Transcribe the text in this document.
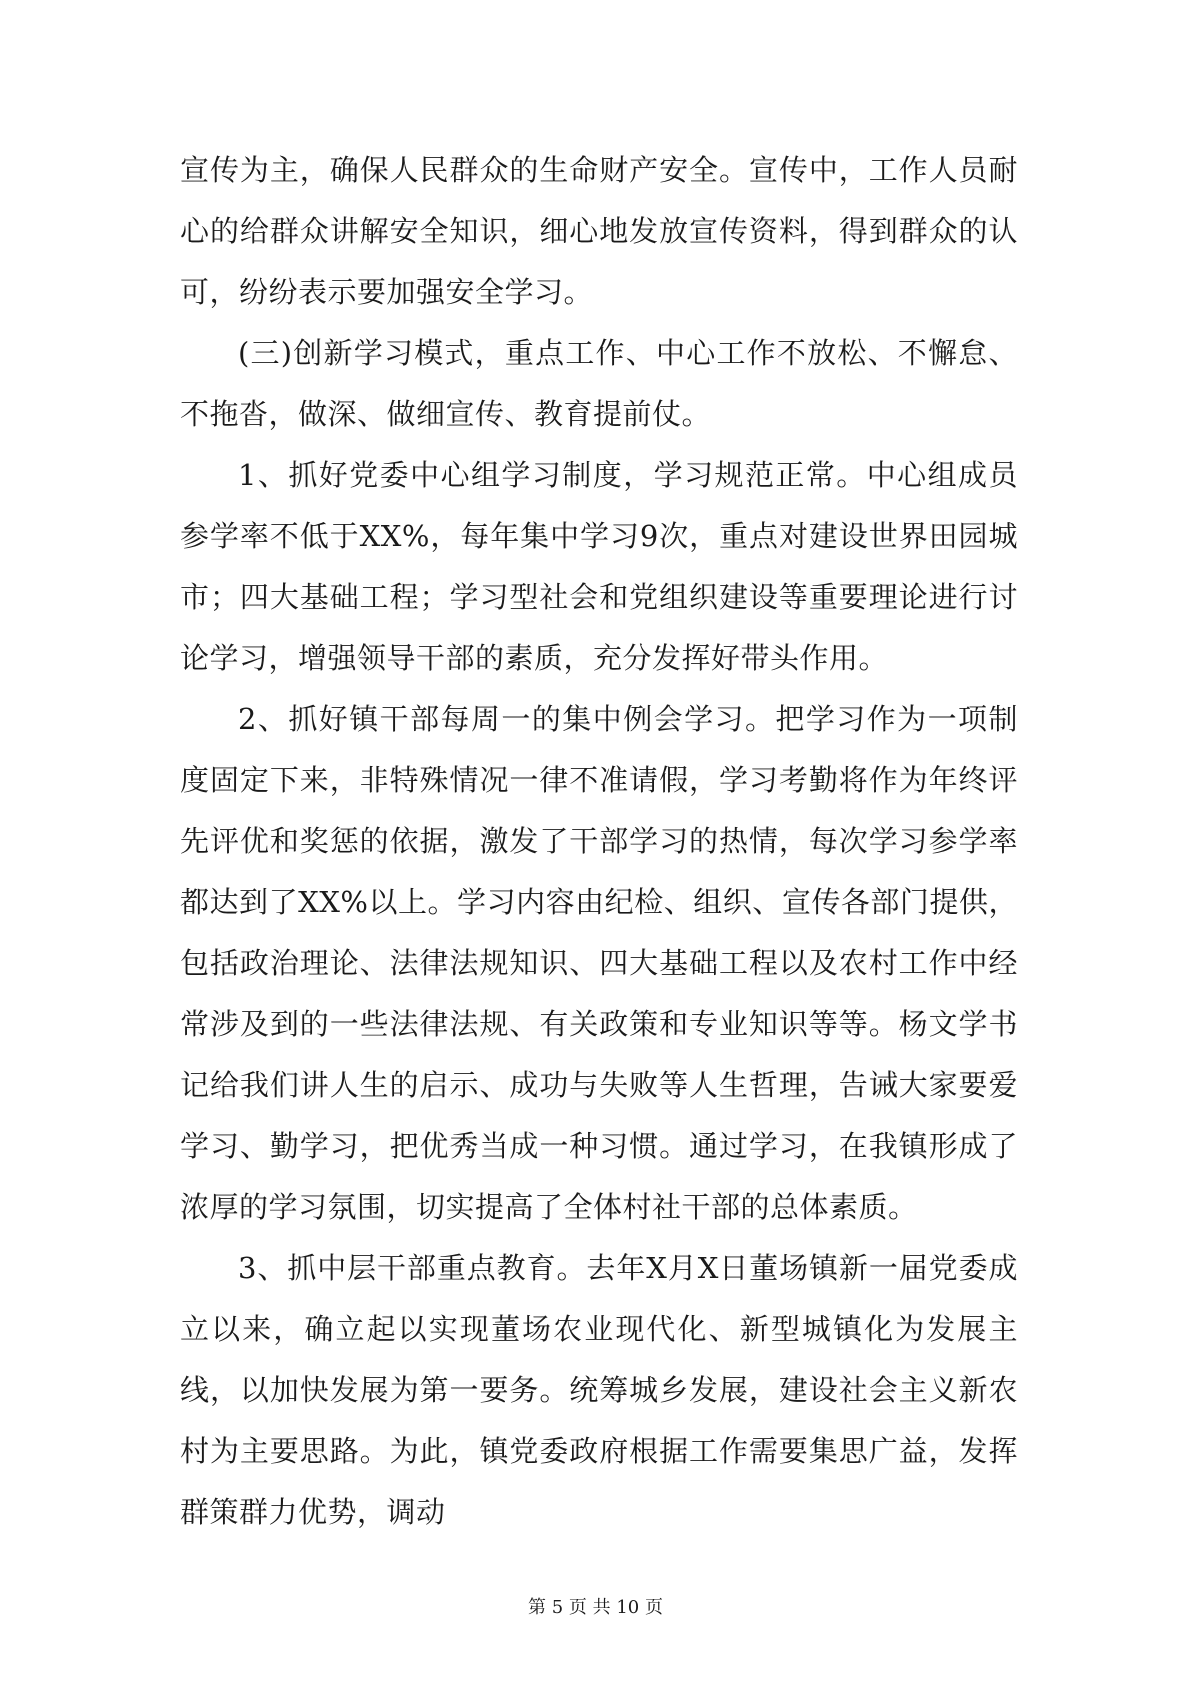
宣传为主，确保人民群众的生命财产安全。宣传中，工作人员耐心的给群众讲解安全知识，细心地发放宣传资料，得到群众的认可，纷纷表示要加强安全学习。

(三)创新学习模式，重点工作、中心工作不放松、不懈怠、不拖沓，做深、做细宣传、教育提前仗。

1、抓好党委中心组学习制度，学习规范正常。中心组成员参学率不低于XX%，每年集中学习9次，重点对建设世界田园城市；四大基础工程；学习型社会和党组织建设等重要理论进行讨论学习，增强领导干部的素质，充分发挥好带头作用。

2、抓好镇干部每周一的集中例会学习。把学习作为一项制度固定下来，非特殊情况一律不准请假，学习考勤将作为年终评先评优和奖惩的依据，激发了干部学习的热情，每次学习参学率都达到了XX%以上。学习内容由纪检、组织、宣传各部门提供，包括政治理论、法律法规知识、四大基础工程以及农村工作中经常涉及到的一些法律法规、有关政策和专业知识等等。杨文学书记给我们讲人生的启示、成功与失败等人生哲理，告诫大家要爱学习、勤学习，把优秀当成一种习惯。通过学习，在我镇形成了浓厚的学习氛围，切实提高了全体村社干部的总体素质。

3、抓中层干部重点教育。去年X月X日董场镇新一届党委成立以来，确立起以实现董场农业现代化、新型城镇化为发展主线，以加快发展为第一要务。统筹城乡发展，建设社会主义新农村为主要思路。为此，镇党委政府根据工作需要集思广益，发挥群策群力优势，调动

第 5 页 共 10 页
